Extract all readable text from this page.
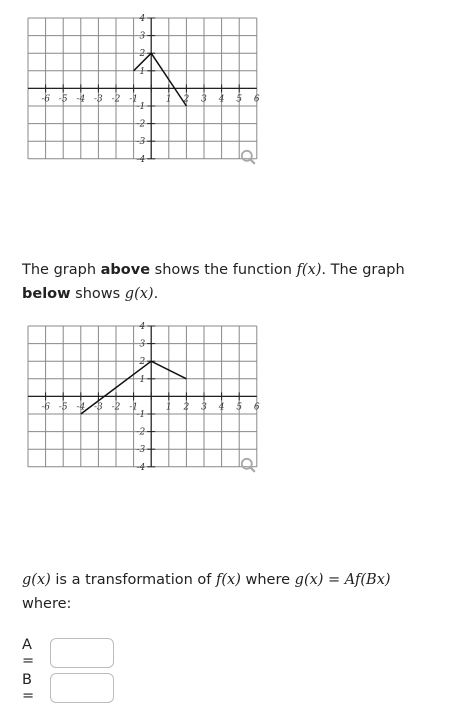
-6 -5 -4 -3 -2 -1	1 2 3 4 5 6
4
3
2
1
-1
-2
-3
-4
The graph above shows the function f(x). The graph
below shows g(x).
-6 -5 -4 -3 -2 -1	1 2 3 4 5 6
4
3
2
1
-1
-2
-3
-4
g(x) is a transformation of f(x) where g(x) = Af(Bx)
where:
A =
B =
